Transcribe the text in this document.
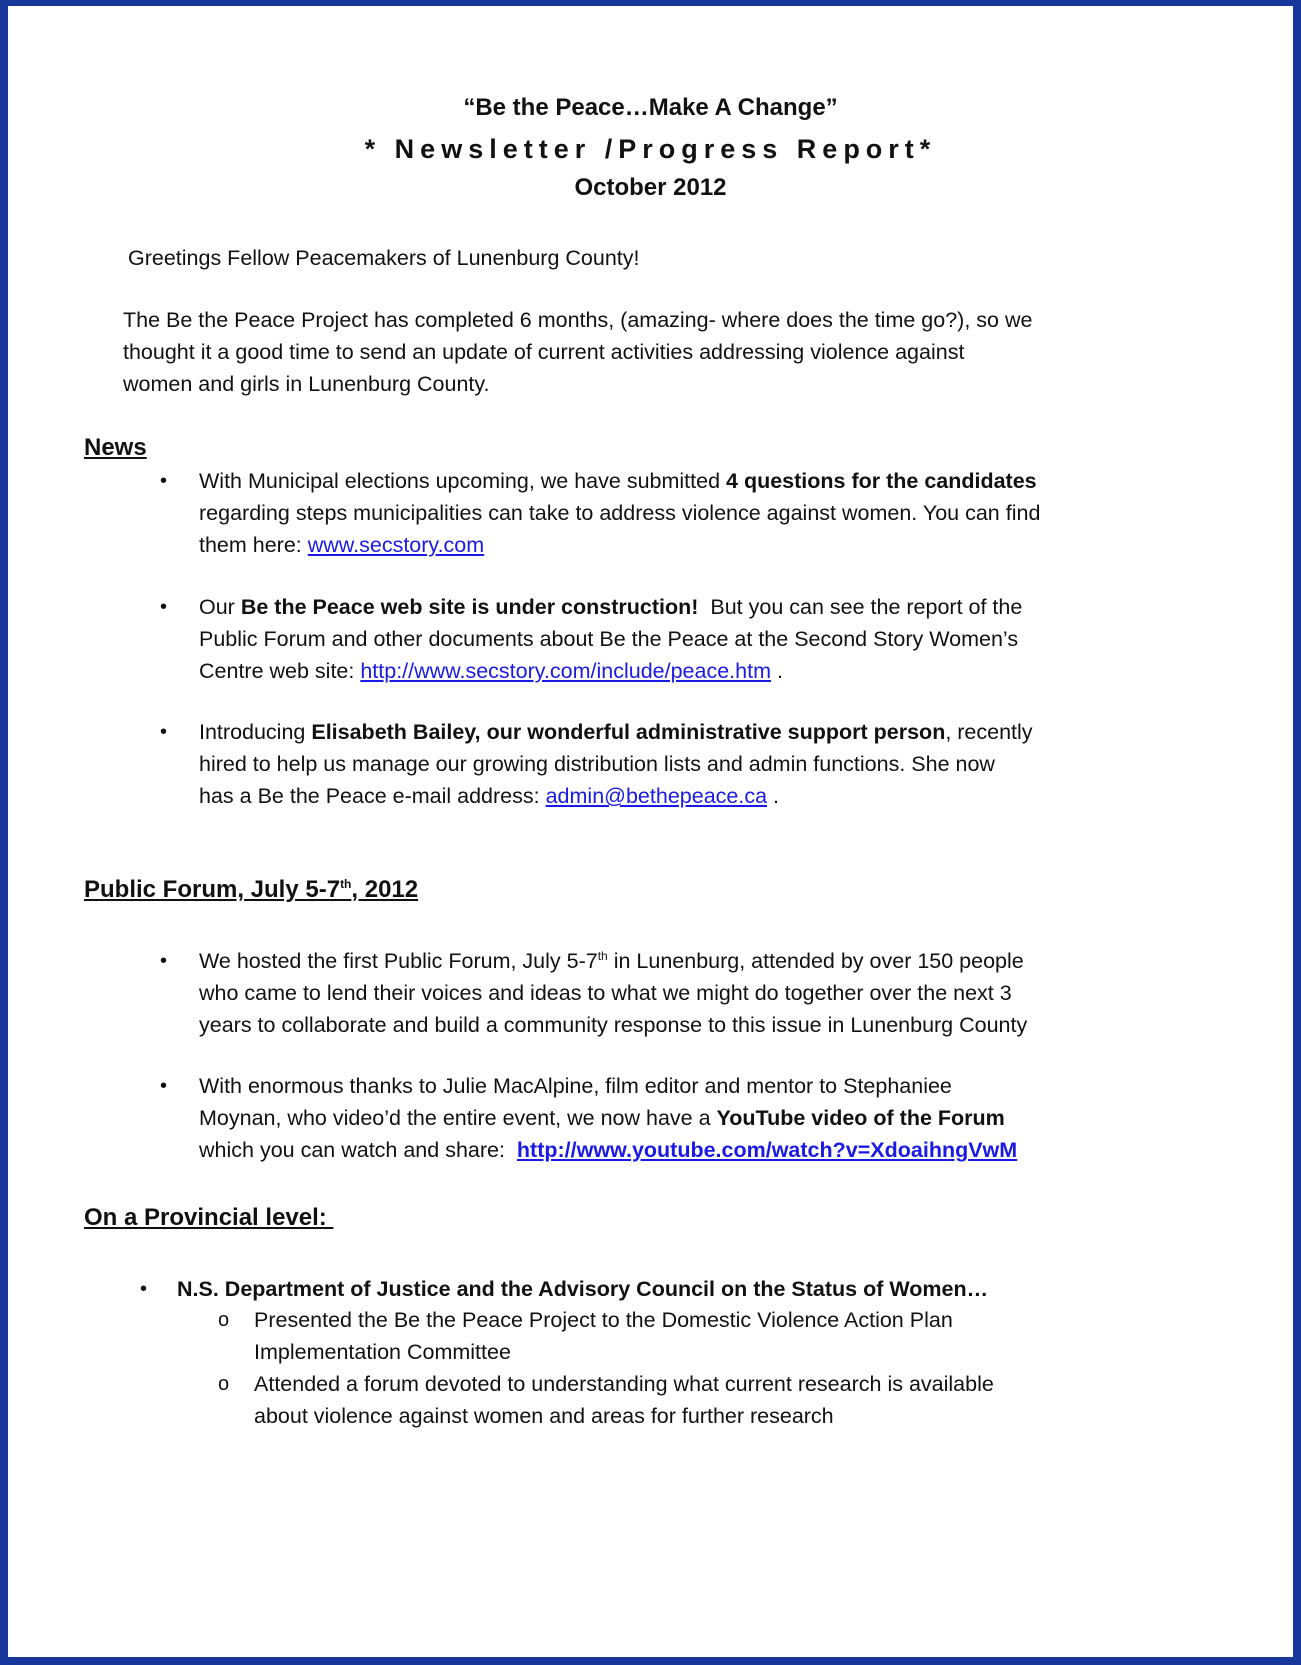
“Be the Peace…Make A Change”
* Newsletter /Progress Report*
October 2012
Greetings Fellow Peacemakers of Lunenburg County!
The Be the Peace Project has completed 6 months, (amazing- where does the time go?), so we
thought it a good time to send an update of current activities addressing violence against
women and girls in Lunenburg County.
News
• With Municipal elections upcoming, we have submitted 4 questions for the candidates
regarding steps municipalities can take to address violence against women. You can find
them here: www.secstory.com
• Our Be the Peace web site is under construction!  But you can see the report of the
Public Forum and other documents about Be the Peace at the Second Story Women’s
Centre web site: http://www.secstory.com/include/peace.htm .
• Introducing Elisabeth Bailey, our wonderful administrative support person, recently
hired to help us manage our growing distribution lists and admin functions. She now
has a Be the Peace e-mail address: admin@bethepeace.ca .
Public Forum, July 5-7th, 2012
• We hosted the first Public Forum, July 5-7th in Lunenburg, attended by over 150 people
who came to lend their voices and ideas to what we might do together over the next 3
years to collaborate and build a community response to this issue in Lunenburg County
• With enormous thanks to Julie MacAlpine, film editor and mentor to Stephaniee
Moynan, who video’d the entire event, we now have a YouTube video of the Forum
which you can watch and share:  http://www.youtube.com/watch?v=XdoaihngVwM
On a Provincial level:
• N.S. Department of Justice and the Advisory Council on the Status of Women…
o Presented the Be the Peace Project to the Domestic Violence Action Plan
Implementation Committee
o Attended a forum devoted to understanding what current research is available
about violence against women and areas for further research
